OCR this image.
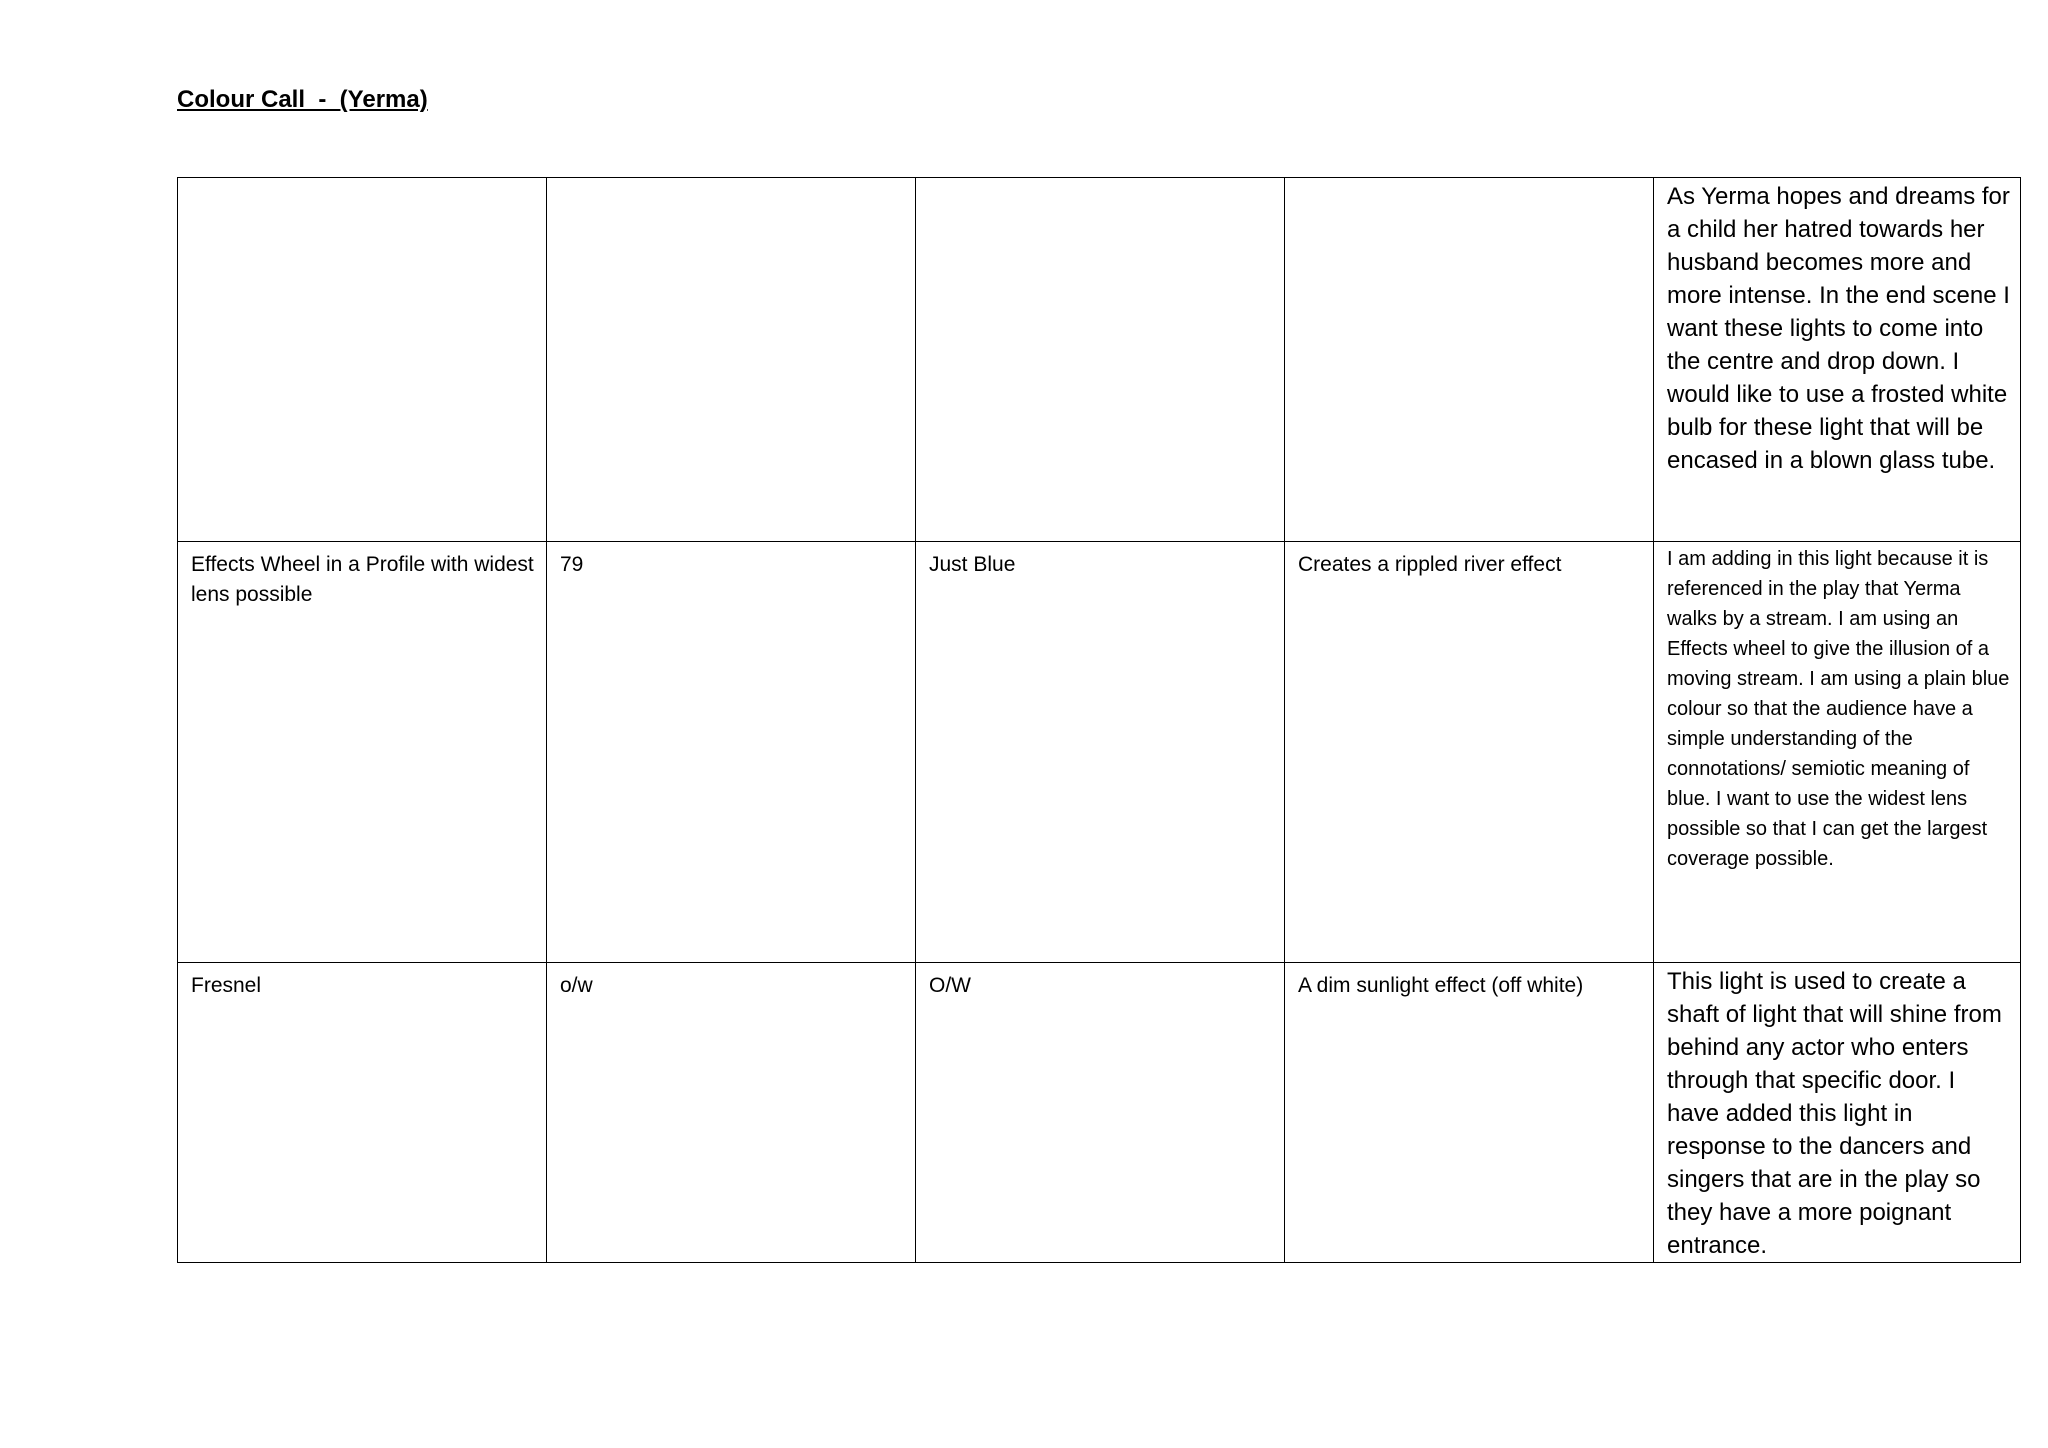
Colour Call  -  (Yerma)
				As Yerma hopes and dreams for a child her hatred towards her husband becomes more and more intense. In the end scene I want these lights to come into the centre and drop down. I would like to use a frosted white bulb for these light that will be encased in a blown glass tube.
Effects Wheel in a Profile with widest lens possible	79	Just Blue	Creates a rippled river effect	I am adding in this light because it is referenced in the play that Yerma walks by a stream. I am using an Effects wheel to give the illusion of a moving stream. I am using a plain blue colour so that the audience have a simple understanding of the connotations/ semiotic meaning of blue. I want to use the widest lens possible so that I can get the largest coverage possible.
Fresnel	o/w	O/W	A dim sunlight effect (off white)	This light is used to create a shaft of light that will shine from behind any actor who enters through that specific door. I have added this light in response to the dancers and singers that are in the play so they have a more poignant entrance.
